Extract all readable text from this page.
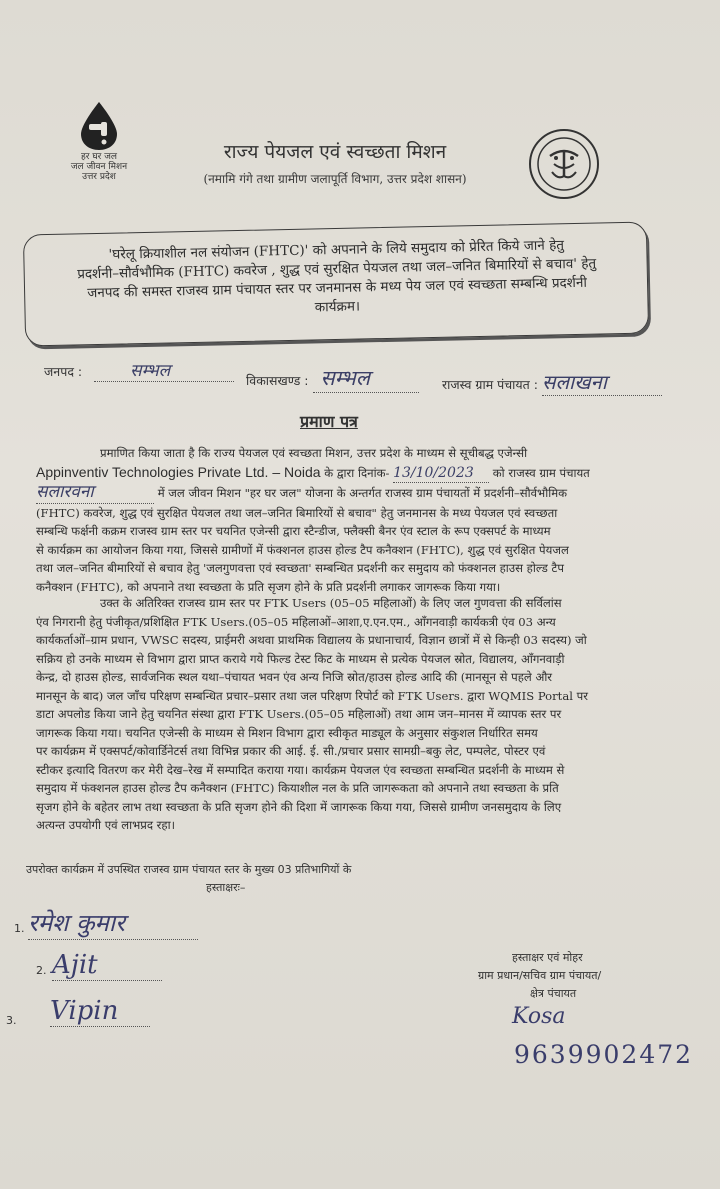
हर घर जल
जल जीवन मिशन
उत्तर प्रदेश
राज्य पेयजल एवं स्वच्छता मिशन
(नमामि गंगे तथा ग्रामीण जलापूर्ति विभाग, उत्तर प्रदेश शासन)
'घरेलू क्रियाशील नल संयोजन (FHTC)' को अपनाने के लिये समुदाय को प्रेरित किये जाने हेतु
प्रदर्शनी–सौर्वभौमिक (FHTC) कवरेज , शुद्ध एवं सुरक्षित पेयजल तथा जल–जनित बिमारियों से बचाव' हेतु
जनपद की समस्त राजस्व ग्राम पंचायत स्तर पर जनमानस के मध्य पेय जल एवं स्वच्छता सम्बन्धि प्रदर्शनी
कार्यक्रम।
जनपद :	सम्भल	विकासखण्ड : सम्भल	राजस्व ग्राम पंचायत : सलाखना
प्रमाण पत्र
प्रमाणित किया जाता है कि राज्य पेयजल एवं स्वच्छता मिशन, उत्तर प्रदेश के माध्यम से सूचीबद्ध एजेन्सी
Appinventiv Technologies Private Ltd. – Noida के द्वारा दिनांक- 13/10/2023 को राजस्व ग्राम पंचायत
सलारवना	में जल जीवन मिशन "हर घर जल" योजना के अन्तर्गत राजस्व ग्राम पंचायतों में प्रदर्शनी–सौर्वभौमिक
(FHTC) कवरेज, शुद्ध एवं सुरक्षित पेयजल तथा जल–जनित बिमारियों से बचाव" हेतु जनमानस के मध्य पेयजल एवं स्वच्छता
सम्बन्धि फर्क्षनी कक्रम राजस्व ग्राम स्तर पर चयनित एजेन्सी द्वारा स्टैन्डीज, फ्लैक्सी बैनर एंव स्टाल के रूप एक्सपर्ट के माध्यम
से कार्यक्रम का आयोजन किया गया, जिससे ग्रामीणों में फंक्शनल हाउस होल्ड टैप कनैक्शन (FHTC), शुद्ध एवं सुरक्षित पेयजल
तथा जल–जनित बीमारियों से बचाव हेतु 'जलगुणवत्ता एवं स्वच्छता' सम्बन्धित प्रदर्शनी कर समुदाय को फंक्शनल हाउस होल्ड टैप
कनैक्शन (FHTC), को अपनाने तथा स्वच्छता के प्रति सृजग होने के प्रति प्रदर्शनी लगाकर जागरूक किया गया।
उक्त के अतिरिक्त राजस्व ग्राम स्तर पर FTK Users (05–05 महिलाओं) के लिए जल गुणवत्ता की सर्विलांस
एंव निगरानी हेतु पंजीकृत/प्रशिक्षित FTK Users.(05–05 महिलाओं–आशा,ए.एन.एम., आँगनवाड़ी कार्यकत्री एंव 03 अन्य
कार्यकर्ताओं–ग्राम प्रधान, VWSC सदस्य, प्राईमरी अथवा प्राथमिक विद्यालय के प्रधानाचार्य, विज्ञान छात्रों में से किन्ही 03 सदस्य) जो
सक्रिय हो उनके माध्यम से विभाग द्वारा प्राप्त कराये गये फिल्ड टेस्ट किट के माध्यम से प्रत्येक पेयजल स्रोत, विद्यालय, आँगनवाड़ी
केन्द्र, दो हाउस होल्ड, सार्वजनिक स्थल यथा–पंचायत भवन एंव अन्य निजि स्रोत/हाउस होल्ड आदि की (मानसून से पहले और
मानसून के बाद) जल जाँच परिक्षण सम्बन्धित प्रचार–प्रसार तथा जल परिक्षण रिपोर्ट को FTK Users. द्वारा WQMIS Portal पर
डाटा अपलोड किया जाने हेतु चयनित संस्था द्वारा FTK Users.(05–05 महिलाओं) तथा आम जन–मानस में व्यापक स्तर पर
जागरूक किया गया। चयनित एजेन्सी के माध्यम से मिशन विभाग द्वारा स्वीकृत माड्यूल के अनुसार संकुशल निर्धारित समय
पर कार्यक्रम में एक्सपर्ट/कोवार्डिनेटर्स तथा विभिन्न प्रकार की आई. ई. सी./प्रचार प्रसार सामग्री–बकु लेट, पम्पलेट, पोस्टर एवं
स्टीकर इत्यादि वितरण कर मेरी देख–रेख में सम्पादित कराया गया। कार्यक्रम पेयजल एंव स्वच्छता सम्बन्धित प्रदर्शनी के माध्यम से
समुदाय में फंक्शनल हाउस होल्ड टैप कनैक्शन (FHTC) कियाशील नल के प्रति जागरूकता को अपनाने तथा स्वच्छता के प्रति
सृजग होने के बहेतर लाभ तथा स्वच्छता के प्रति सृजग होने की दिशा में जागरूक किया गया, जिससे ग्रामीण जनसमुदाय के लिए
अत्यन्त उपयोगी एवं लाभप्रद रहा।
उपरोक्त कार्यक्रम में उपस्थित राजस्व ग्राम पंचायत स्तर के मुख्य 03 प्रतिभागियों के
हस्ताक्षरः–
1. रमेश कुमार
2. Ajit
3. Vipin
हस्ताक्षर एवं मोहर
ग्राम प्रधान/सचिव ग्राम पंचायत/
क्षेत्र पंचायत
Kosa
9639902472
